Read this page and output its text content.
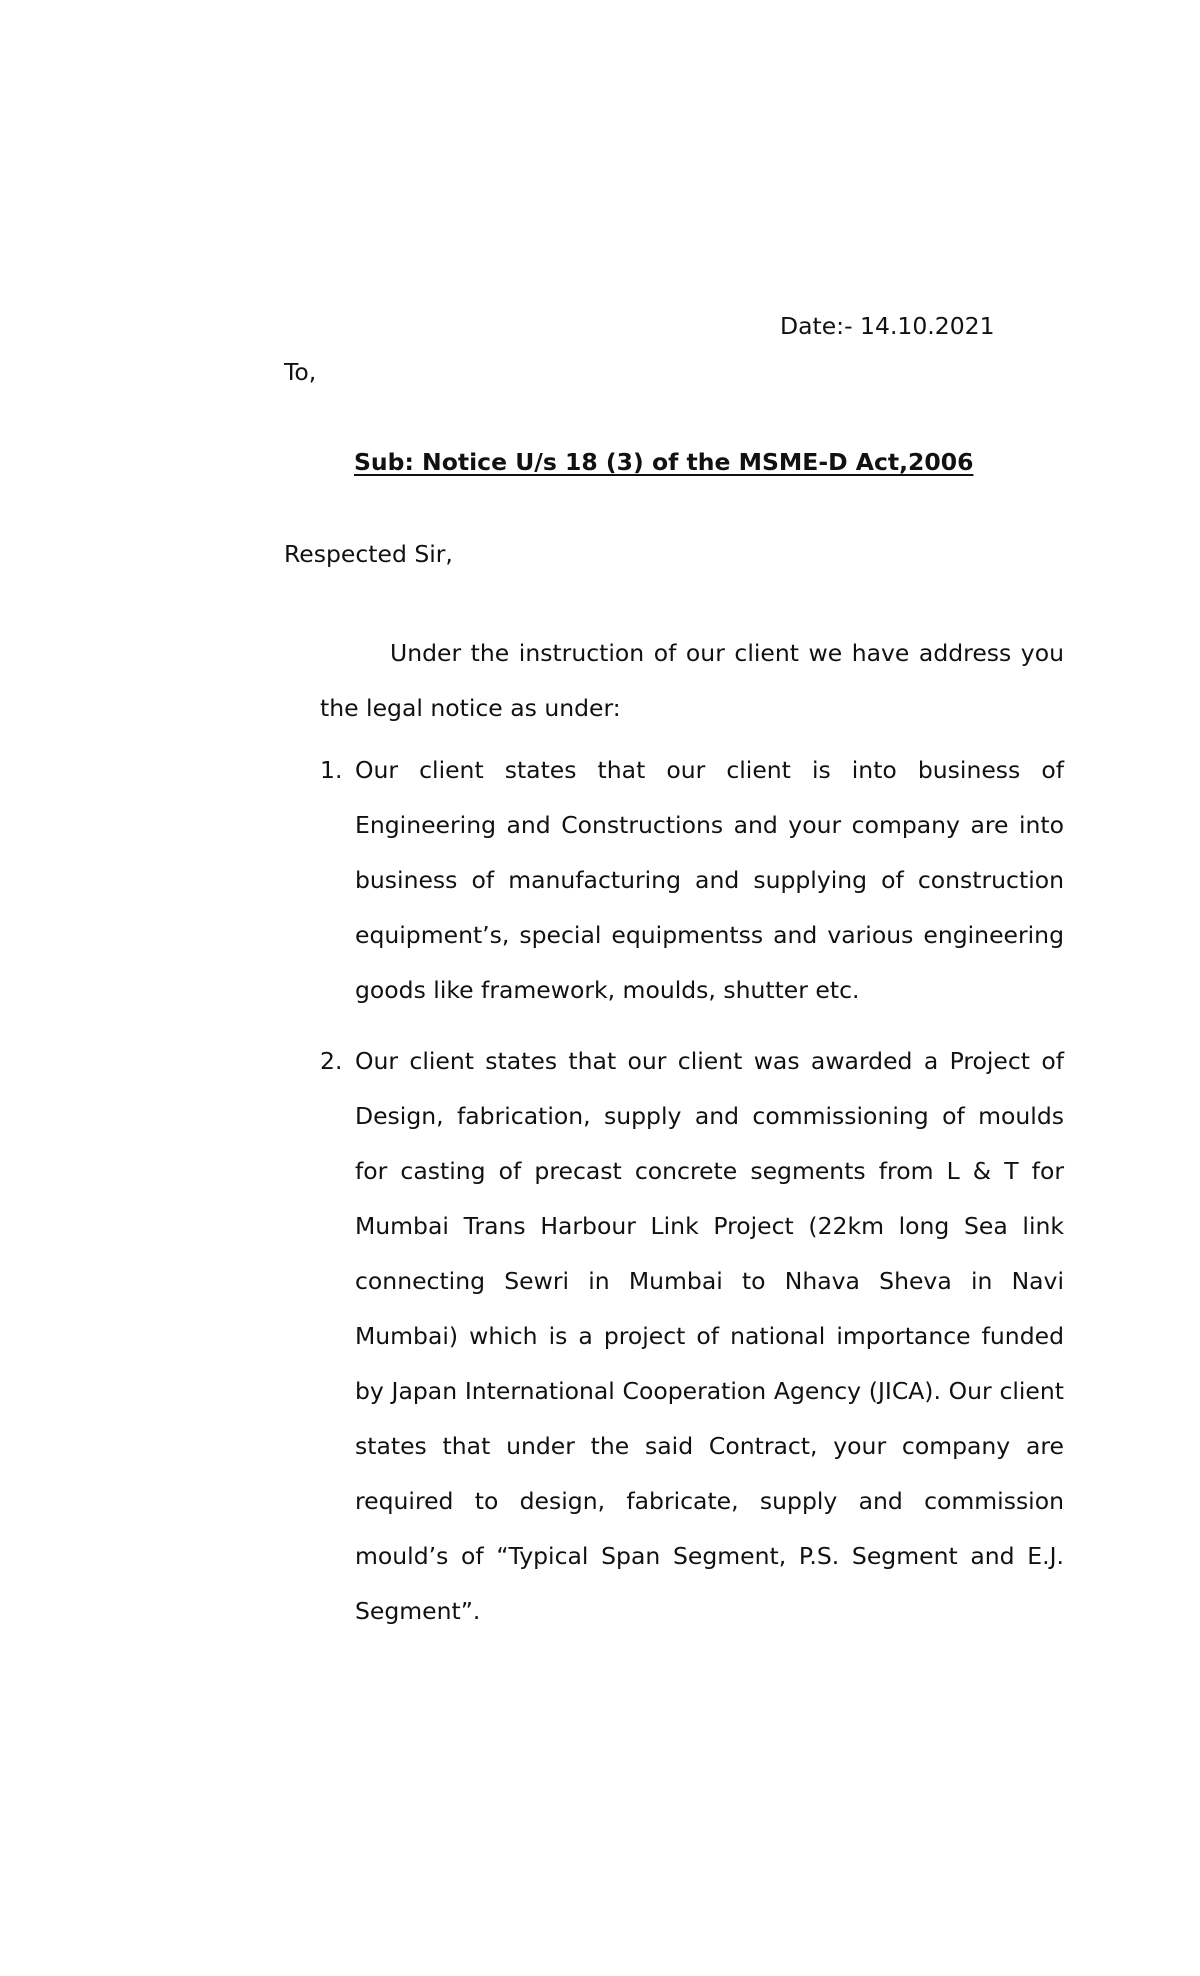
Date:- 14.10.2021
To,
Sub: Notice U/s 18 (3) of the MSME-D Act,2006
Respected Sir,

Under the instruction of our client we have address you the legal notice as under:

1. Our client states that our client is into business of Engineering and Constructions and your company are into business of manufacturing and supplying of construction equipment’s, special equipmentss and various engineering goods like framework, moulds, shutter etc.

2. Our client states that our client was awarded a Project of Design, fabrication, supply and commissioning of moulds for casting of precast concrete segments from L & T for Mumbai Trans Harbour Link Project (22km long Sea link connecting Sewri in Mumbai to Nhava Sheva in Navi Mumbai) which is a project of national importance funded by Japan International Cooperation Agency (JICA). Our client states that under the said Contract, your company are required to design, fabricate, supply and commission mould’s of “Typical Span Segment, P.S. Segment and E.J. Segment”.
